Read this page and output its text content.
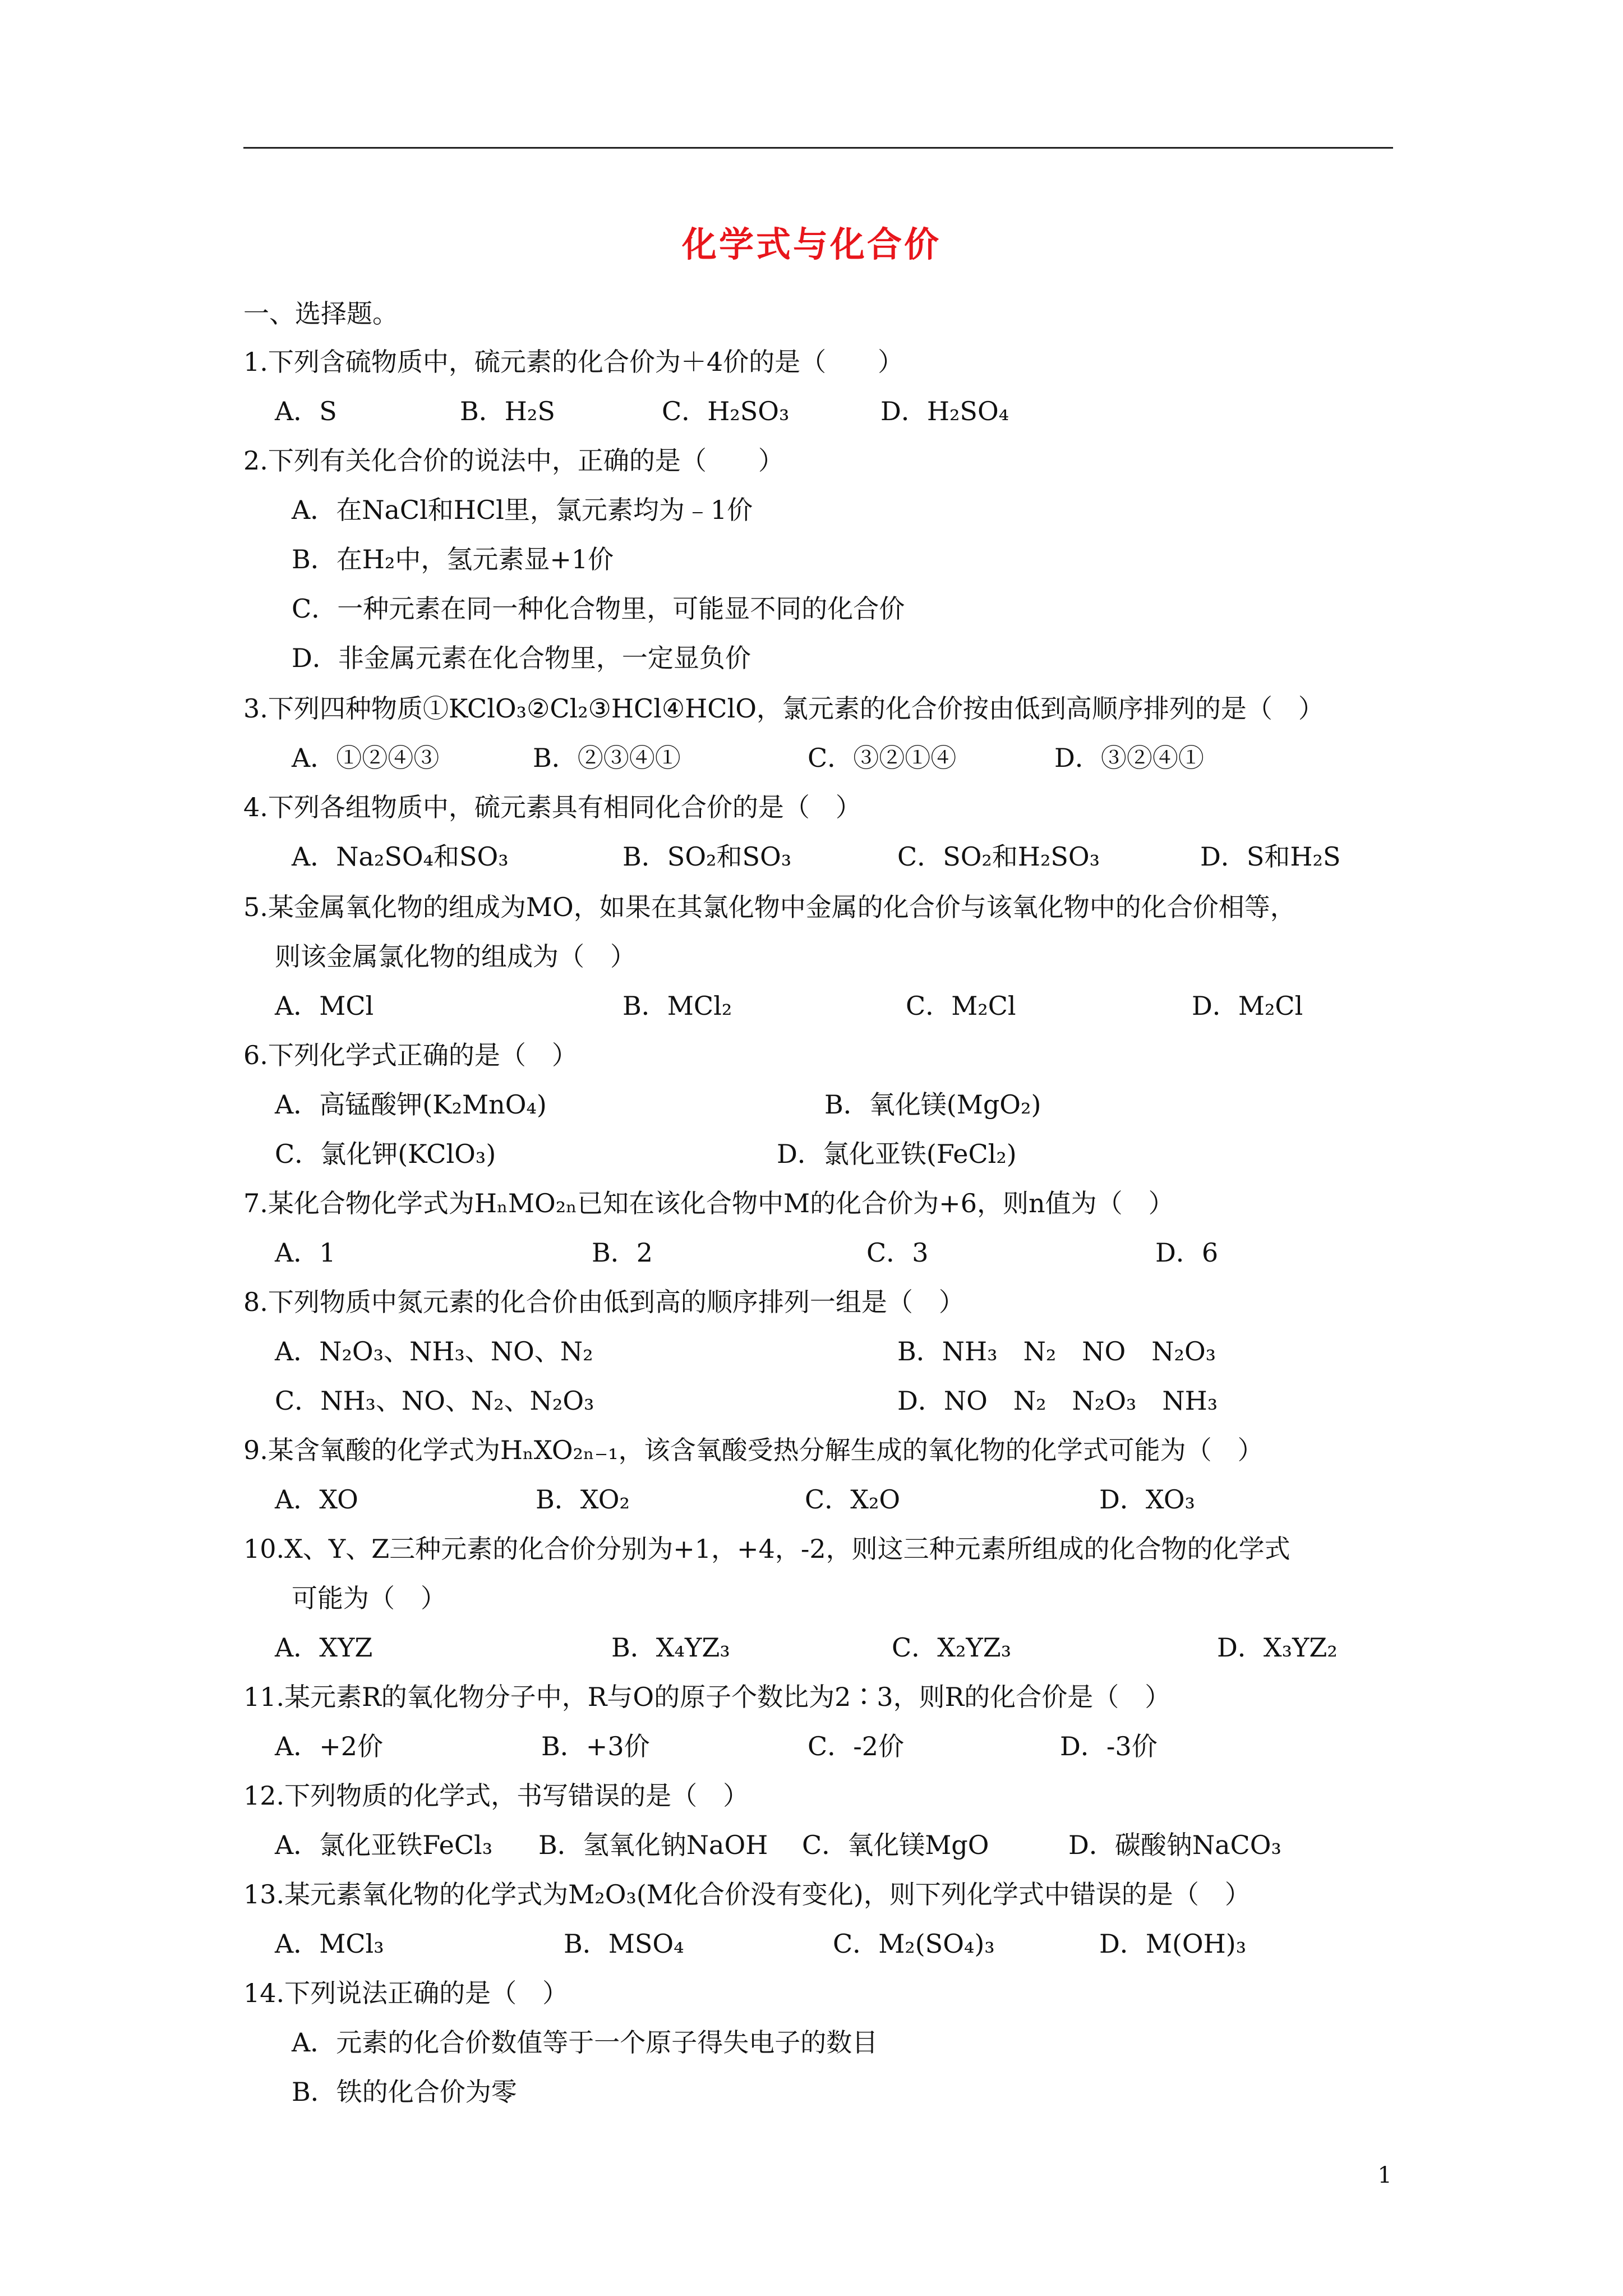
化学式与化合价
一、选择题。
1.下列含硫物质中，硫元素的化合价为＋4价的是（　　）
A．S	B．H₂S	C．H₂SO₃	D．H₂SO₄
2.下列有关化合价的说法中，正确的是（　　）
A．在NaCl和HCl里，氯元素均为﹣1价
B．在H₂中，氢元素显+1价
C．一种元素在同一种化合物里，可能显不同的化合价
D．非金属元素在化合物里，一定显负价
3.下列四种物质①KClO₃②Cl₂③HCl④HClO，氯元素的化合价按由低到高顺序排列的是（　）
A．①②④③	B．②③④①	C．③②①④	D．③②④①
4.下列各组物质中，硫元素具有相同化合价的是（　）
A．Na₂SO₄和SO₃	B．SO₂和SO₃	C．SO₂和H₂SO₃	D．S和H₂S
5.某金属氧化物的组成为MO，如果在其氯化物中金属的化合价与该氧化物中的化合价相等，
则该金属氯化物的组成为（　）
A．MCl	B．MCl₂	C．M₂Cl	D．M₂Cl
6.下列化学式正确的是（　）
A．高锰酸钾(K₂MnO₄)	B．氧化镁(MgO₂)
C．氯化钾(KClO₃)	D．氯化亚铁(FeCl₂)
7.某化合物化学式为HₙMO₂ₙ已知在该化合物中M的化合价为+6，则n值为（　）
A．1	B．2	C．3	D．6
8.下列物质中氮元素的化合价由低到高的顺序排列一组是（　）
A．N₂O₃、NH₃、NO、N₂	B．NH₃　N₂　NO　N₂O₃
C．NH₃、NO、N₂、N₂O₃	D．NO　N₂　N₂O₃　NH₃
9.某含氧酸的化学式为HₙXO₂ₙ₋₁，该含氧酸受热分解生成的氧化物的化学式可能为（　）
A．XO	B．XO₂	C．X₂O	D．XO₃
10.X、Y、Z三种元素的化合价分别为+1，+4，-2，则这三种元素所组成的化合物的化学式
可能为（　）
A．XYZ	B．X₄YZ₃	C．X₂YZ₃	D．X₃YZ₂
11.某元素R的氧化物分子中，R与O的原子个数比为2∶3，则R的化合价是（　）
A．+2价	B．+3价	C．-2价	D．-3价
12.下列物质的化学式，书写错误的是（　）
A．氯化亚铁FeCl₃ B．氢氧化钠NaOH C．氧化镁MgO	D．碳酸钠NaCO₃
13.某元素氧化物的化学式为M₂O₃(M化合价没有变化)，则下列化学式中错误的是（　）
A．MCl₃	B．MSO₄	C．M₂(SO₄)₃	D．M(OH)₃
14.下列说法正确的是（　）
A．元素的化合价数值等于一个原子得失电子的数目
B．铁的化合价为零
1
